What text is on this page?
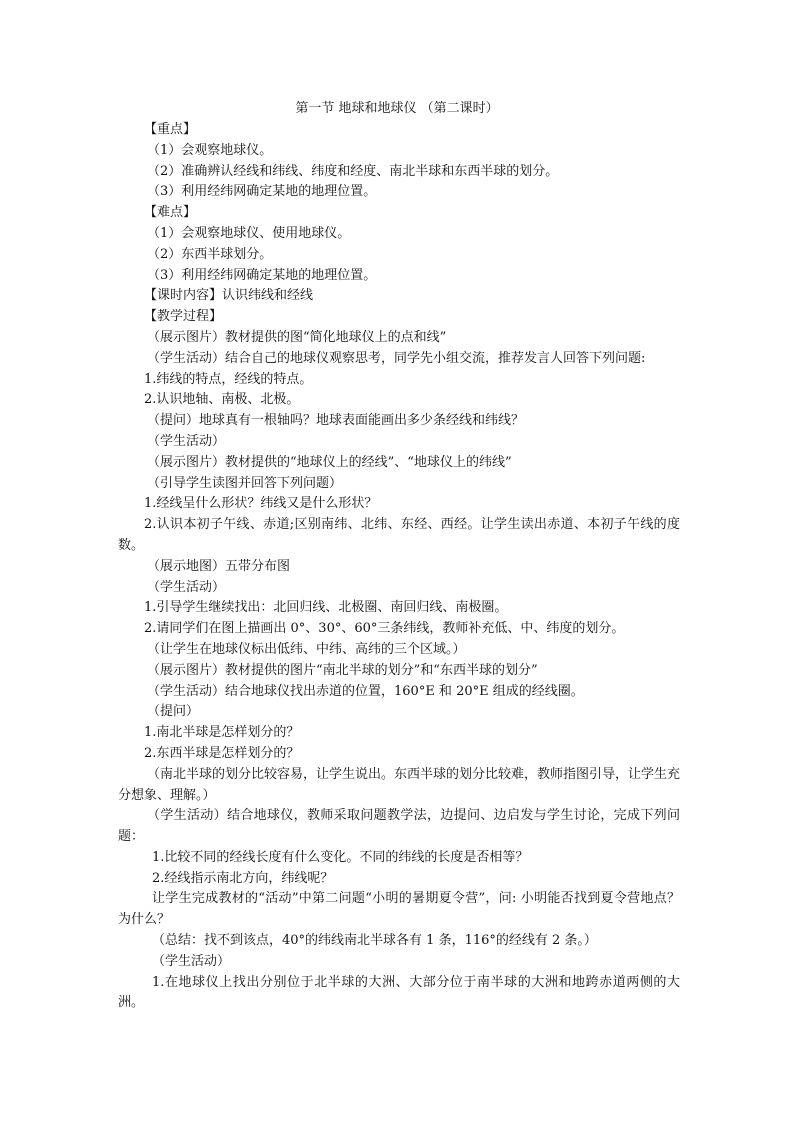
第一节 地球和地球仪 （第二课时）
【重点】
（1）会观察地球仪。
（2）准确辨认经线和纬线、纬度和经度、南北半球和东西半球的划分。
（3）利用经纬网确定某地的地理位置。
【难点】
（1）会观察地球仪、使用地球仪。
（2）东西半球划分。
（3）利用经纬网确定某地的地理位置。
【课时内容】认识纬线和经线
【教学过程】
（展示图片）教材提供的图“简化地球仪上的点和线”
（学生活动）结合自己的地球仪观察思考，同学先小组交流，推荐发言人回答下列问题:
1.纬线的特点，经线的特点。
2.认识地轴、南极、北极。
（提问）地球真有一根轴吗？地球表面能画出多少条经线和纬线？
（学生活动）
（展示图片）教材提供的“地球仪上的经线”、“地球仪上的纬线”
（引导学生读图并回答下列问题）
1.经线呈什么形状？纬线又是什么形状？
2.认识本初子午线、赤道;区别南纬、北纬、东经、西经。让学生读出赤道、本初子午线的度数。
（展示地图）五带分布图
（学生活动）
1.引导学生继续找出：北回归线、北极圈、南回归线、南极圈。
2.请同学们在图上描画出 0°、30°、60°三条纬线，教师补充低、中、纬度的划分。
（让学生在地球仪标出低纬、中纬、高纬的三个区域。）
（展示图片）教材提供的图片“南北半球的划分”和“东西半球的划分”
（学生活动）结合地球仪找出赤道的位置，160°E 和 20°E 组成的经线圈。
（提问）
1.南北半球是怎样划分的？
2.东西半球是怎样划分的？
（南北半球的划分比较容易，让学生说出。东西半球的划分比较难，教师指图引导，让学生充分想象、理解。）
（学生活动）结合地球仪，教师采取问题教学法，边提问、边启发与学生讨论，完成下列问题：
1.比较不同的经线长度有什么变化。不同的纬线的长度是否相等？
2.经线指示南北方向，纬线呢？
让学生完成教材的“活动”中第二问题“小明的暑期夏令营”，问: 小明能否找到夏令营地点？为什么？
（总结：找不到该点，40°的纬线南北半球各有 1 条，116°的经线有 2 条。）
（学生活动）
1.在地球仪上找出分别位于北半球的大洲、大部分位于南半球的大洲和地跨赤道两侧的大洲。
